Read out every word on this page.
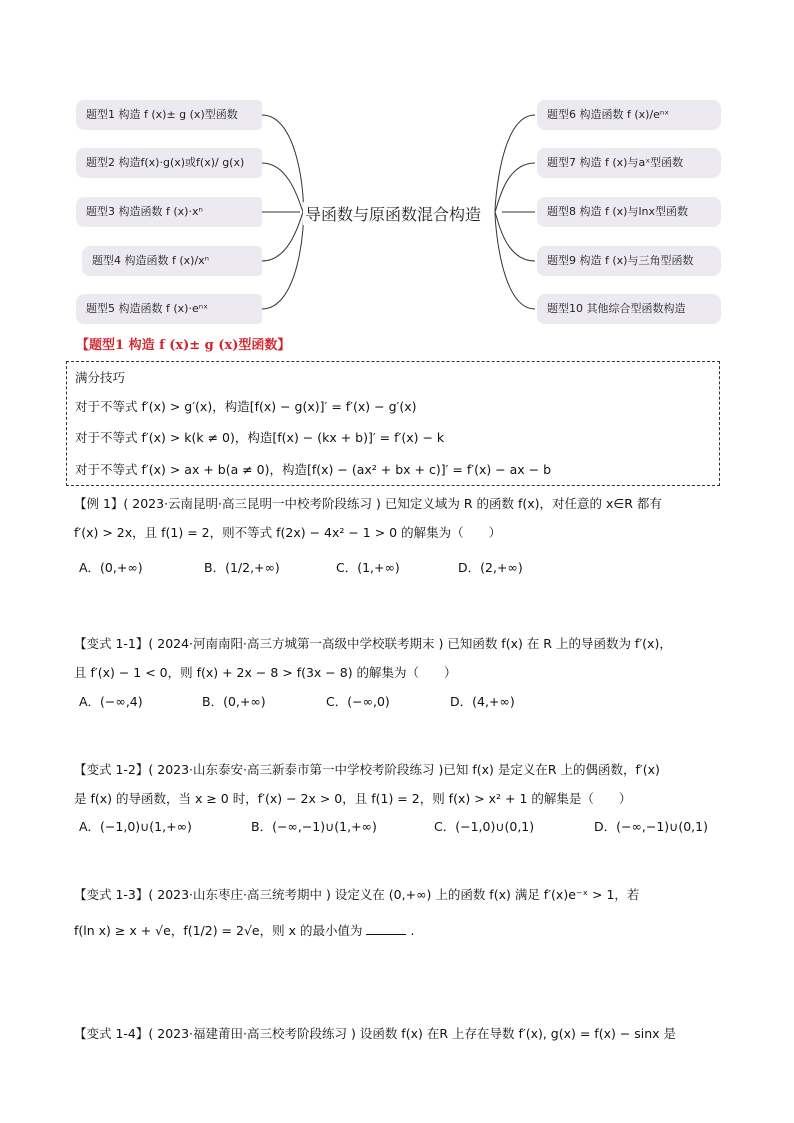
题型1 构造 f (x)± g (x)型函数
题型2 构造f(x)·g(x)或f(x)/ g(x)
题型3 构造函数 f (x)·xⁿ
题型4 构造函数 f (x)/xⁿ
题型5 构造函数 f (x)·eⁿˣ
导函数与原函数混合构造
题型6 构造函数 f (x)/eⁿˣ
题型7 构造 f (x)与aˣ型函数
题型8 构造 f (x)与lnx型函数
题型9 构造 f (x)与三角型函数
题型10 其他综合型函数构造
【题型1 构造 f (x)± g (x)型函数】
满分技巧
对于不等式 f′(x) > g′(x)，构造[f(x) − g(x)]′ = f′(x) − g′(x)
对于不等式 f′(x) > k(k ≠ 0)，构造[f(x) − (kx + b)]′ = f′(x) − k
对于不等式 f′(x) > ax + b(a ≠ 0)，构造[f(x) − (ax² + bx + c)]′ = f′(x) − ax − b
【例 1】( 2023·云南昆明·高三昆明一中校考阶段练习 ) 已知定义域为 R 的函数 f(x)，对任意的 x∈R 都有
f′(x) > 2x，且 f(1) = 2，则不等式 f(2x) − 4x² − 1 > 0 的解集为（　　）
A．(0,+∞)	B．(1/2,+∞)	C．(1,+∞)	D．(2,+∞)
【变式 1-1】( 2024·河南南阳·高三方城第一高级中学校联考期末 ) 已知函数 f(x) 在 R 上的导函数为 f′(x)，
且 f′(x) − 1 < 0，则 f(x) + 2x − 8 > f(3x − 8) 的解集为（　　）
A．(−∞,4)	B．(0,+∞)	C．(−∞,0)	D．(4,+∞)
【变式 1-2】( 2023·山东泰安·高三新泰市第一中学校考阶段练习 )已知 f(x) 是定义在R 上的偶函数，f′(x)
是 f(x) 的导函数，当 x ≥ 0 时，f′(x) − 2x > 0，且 f(1) = 2，则 f(x) > x² + 1 的解集是（　　）
A．(−1,0)∪(1,+∞)	B．(−∞,−1)∪(1,+∞)	C．(−1,0)∪(0,1)	D．(−∞,−1)∪(0,1)
【变式 1-3】( 2023·山东枣庄·高三统考期中 ) 设定义在 (0,+∞) 上的函数 f(x) 满足 f′(x)e⁻ˣ > 1，若
f(ln x) ≥ x + √e，f(1/2) = 2√e，则 x 的最小值为	.
【变式 1-4】( 2023·福建莆田·高三校考阶段练习 ) 设函数 f(x) 在R 上存在导数 f′(x), g(x) = f(x) − sinx 是
